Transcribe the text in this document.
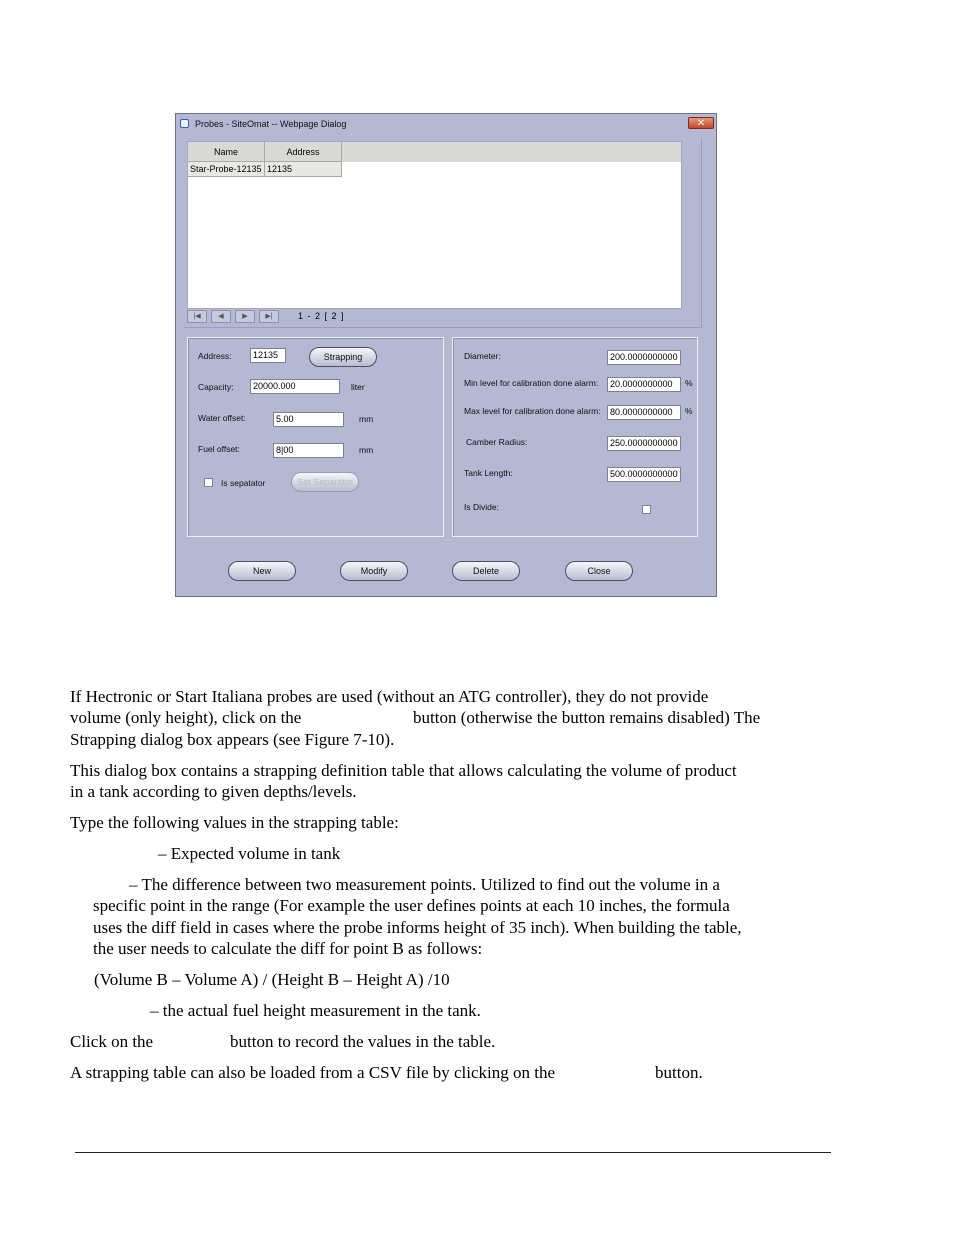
Probes - SiteOmat -- Webpage Dialog	✕
Name	Address
Star-Probe-12135 12135
|◀	◀	▶	▶|	1 - 2 [ 2 ]
Address:	12135	Strapping
Capacity:	20000.000	liter
Water offset:	5.00	mm
Fuel offset:	8|00	mm
Is sepatator	Set Separator
Diameter:	200.0000000000
Min level for calibration done alarm:	20.0000000000	%
Max level for calibration done alarm:	80.0000000000	%
Camber Radius:	250.0000000000
Tank Length:	500.0000000000
Is Divide:
New	Modify	Delete	Close
If Hectronic or Start Italiana probes are used (without an ATG controller), they do not provide
volume (only height), click on the	button (otherwise the button remains disabled) The
Strapping dialog box appears (see Figure 7-10).
This dialog box contains a strapping definition table that allows calculating the volume of product
in a tank according to given depths/levels.
Type the following values in the strapping table:
– Expected volume in tank
– The difference between two measurement points. Utilized to find out the volume in a
specific point in the range (For example the user defines points at each 10 inches, the formula
uses the diff field in cases where the probe informs height of 35 inch). When building the table,
the user needs to calculate the diff for point B as follows:
(Volume B – Volume A) / (Height B – Height A) /10
– the actual fuel height measurement in the tank.
Click on the	button to record the values in the table.
A strapping table can also be loaded from a CSV file by clicking on the	button.
